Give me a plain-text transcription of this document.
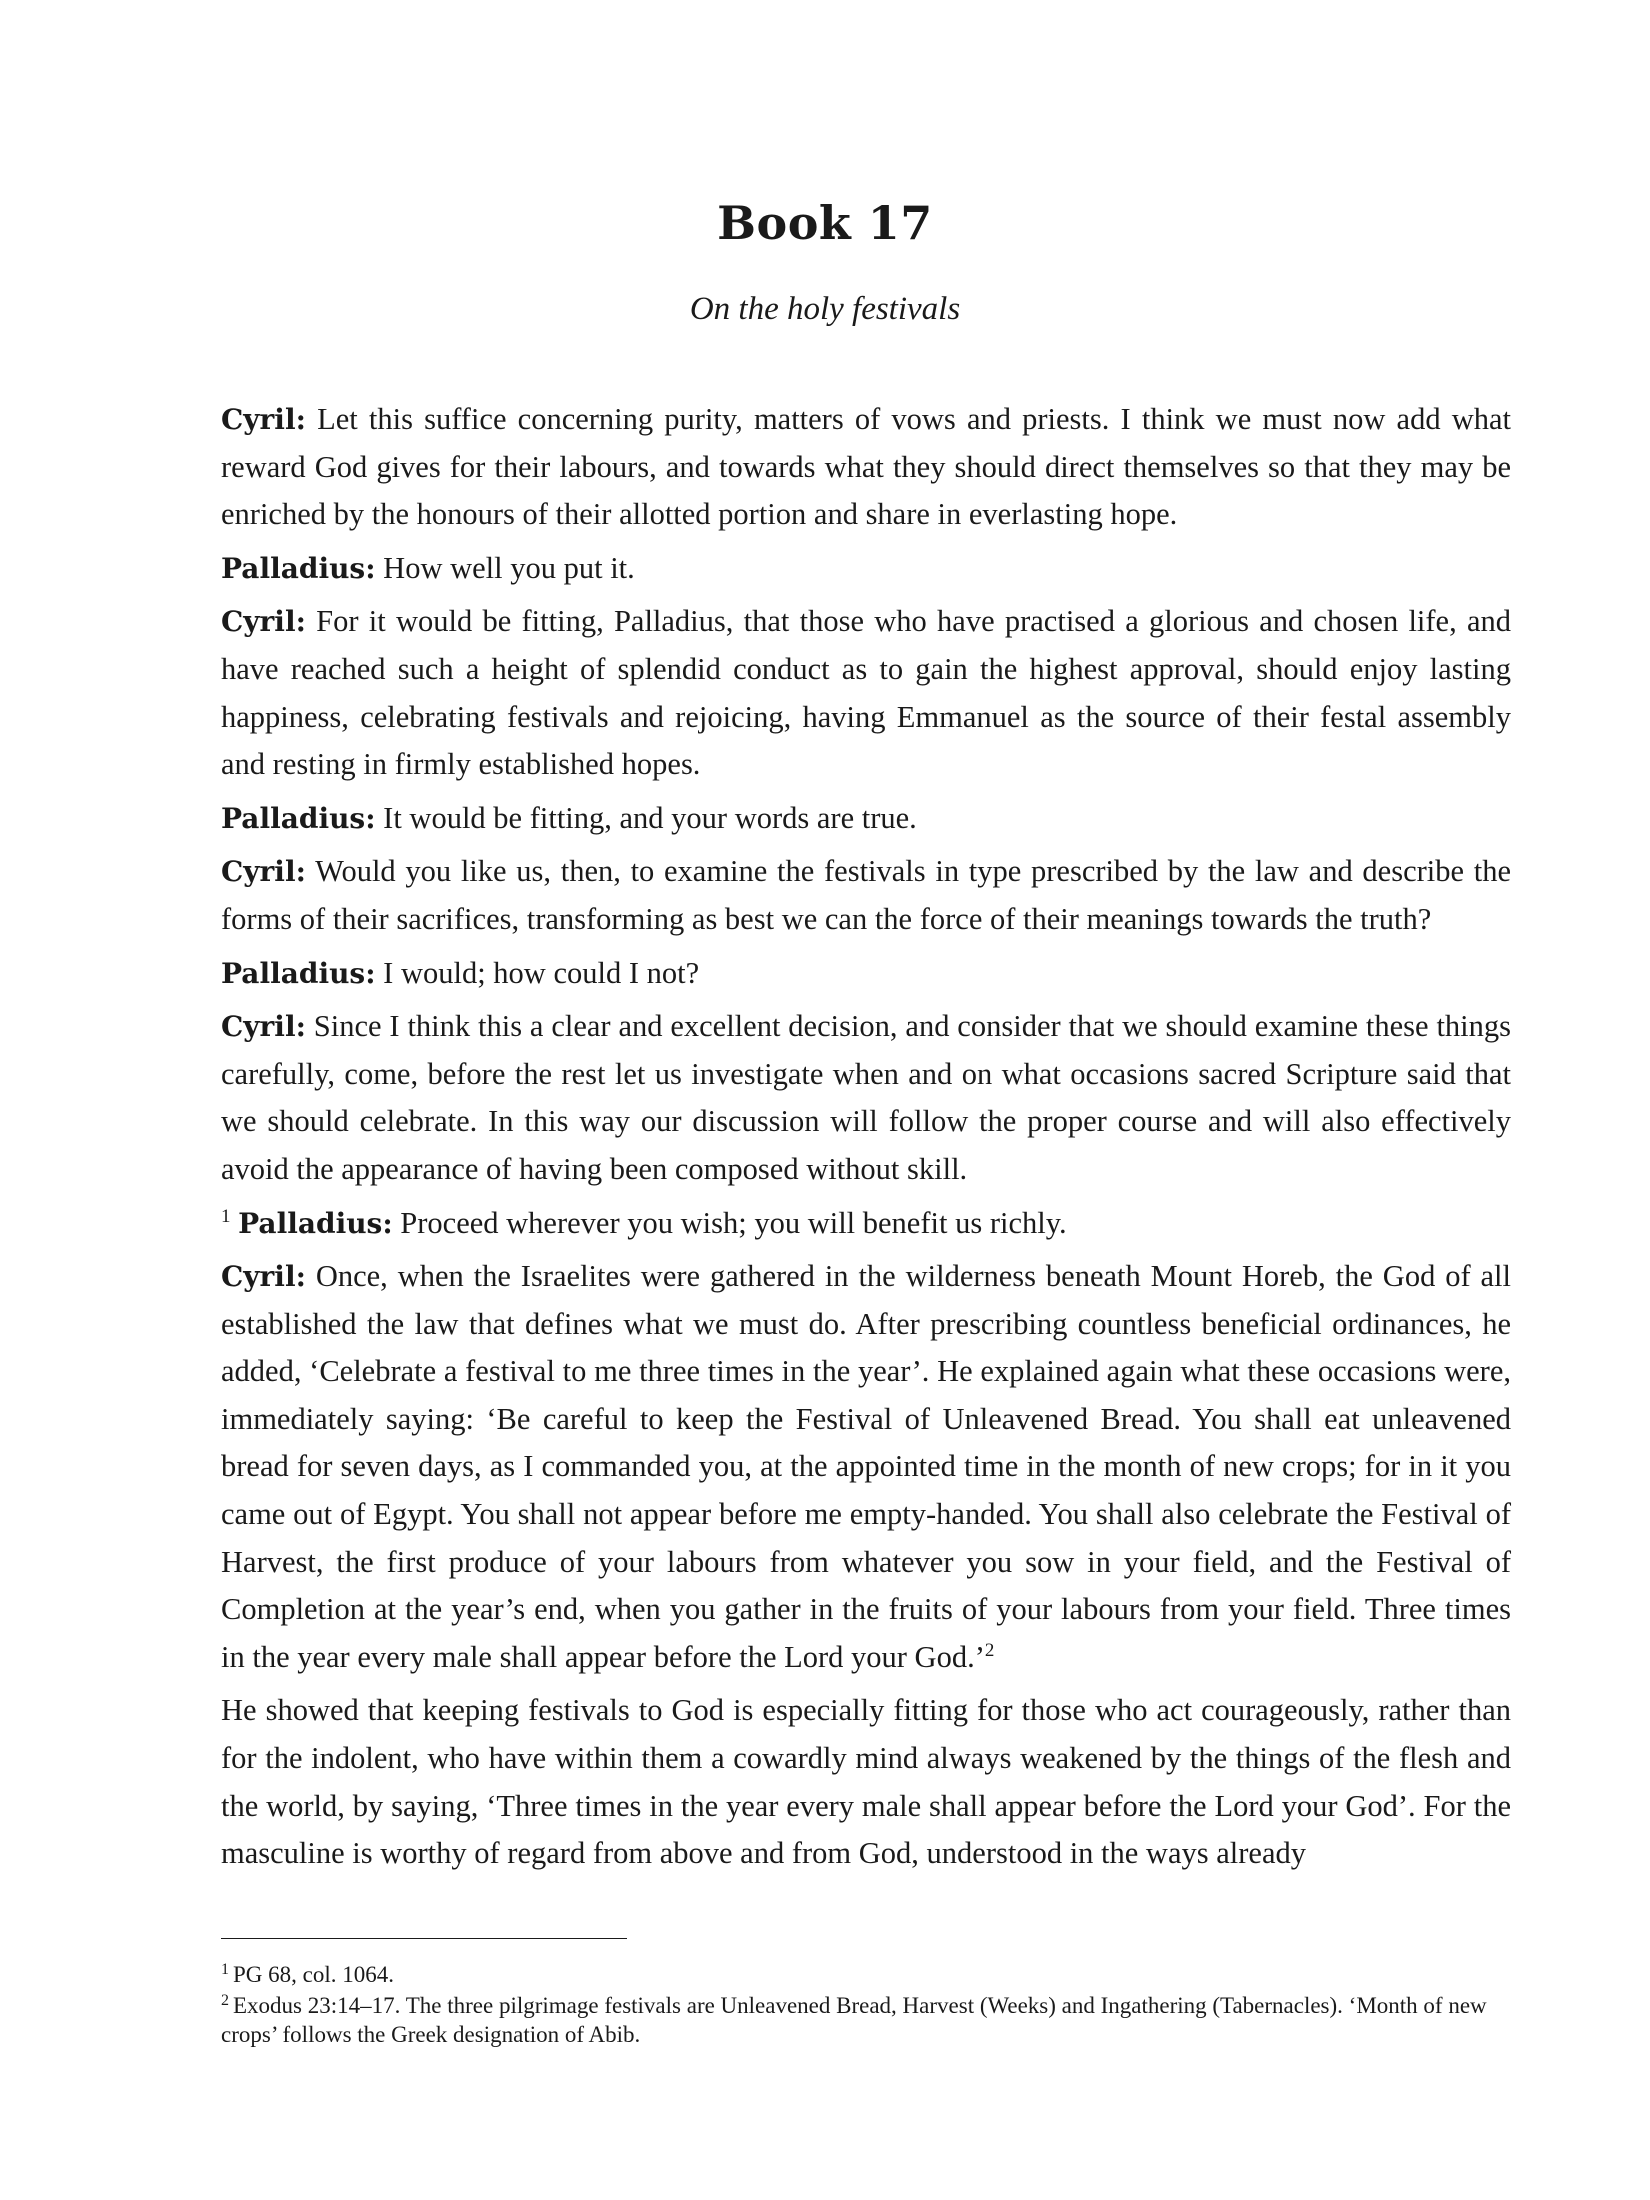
Book 17
On the holy festivals

Cyril: Let this suffice concerning purity, matters of vows and priests. I think we must now add what reward God gives for their labours, and towards what they should direct themselves so that they may be enriched by the honours of their allotted portion and share in everlasting hope.

Palladius: How well you put it.

Cyril: For it would be fitting, Palladius, that those who have practised a glorious and chosen life, and have reached such a height of splendid conduct as to gain the highest approval, should enjoy lasting happiness, celebrating festivals and rejoicing, having Emmanuel as the source of their festal assembly and resting in firmly established hopes.

Palladius: It would be fitting, and your words are true.

Cyril: Would you like us, then, to examine the festivals in type prescribed by the law and describe the forms of their sacrifices, transforming as best we can the force of their meanings towards the truth?

Palladius: I would; how could I not?

Cyril: Since I think this a clear and excellent decision, and consider that we should examine these things carefully, come, before the rest let us investigate when and on what occasions sacred Scripture said that we should celebrate. In this way our discussion will follow the proper course and will also effectively avoid the appearance of having been composed without skill.

$^1$ Palladius: Proceed wherever you wish; you will benefit us richly.

Cyril: Once, when the Israelites were gathered in the wilderness beneath Mount Horeb, the God of all established the law that defines what we must do. After prescribing countless beneficial ordinances, he added, ‘Celebrate a festival to me three times in the year’. He explained again what these occasions were, immediately saying: ‘Be careful to keep the Festival of Unleavened Bread. You shall eat unleavened bread for seven days, as I commanded you, at the appointed time in the month of new crops; for in it you came out of Egypt. You shall not appear before me empty-handed. You shall also celebrate the Festival of Harvest, the first produce of your labours from whatever you sow in your field, and the Festival of Completion at the year’s end, when you gather in the fruits of your labours from your field. Three times in the year every male shall appear before the Lord your God.’$^2$

He showed that keeping festivals to God is especially fitting for those who act courageously, rather than for the indolent, who have within them a cowardly mind always weakened by the things of the flesh and the world, by saying, ‘Three times in the year every male shall appear before the Lord your God’. For the masculine is worthy of regard from above and from God, understood in the ways already

$^1$ PG 68, col. 1064.

$^2$ Exodus 23:14–17. The three pilgrimage festivals are Unleavened Bread, Harvest (Weeks) and Ingathering (Tabernacles). ‘Month of new crops’ follows the Greek designation of Abib.
